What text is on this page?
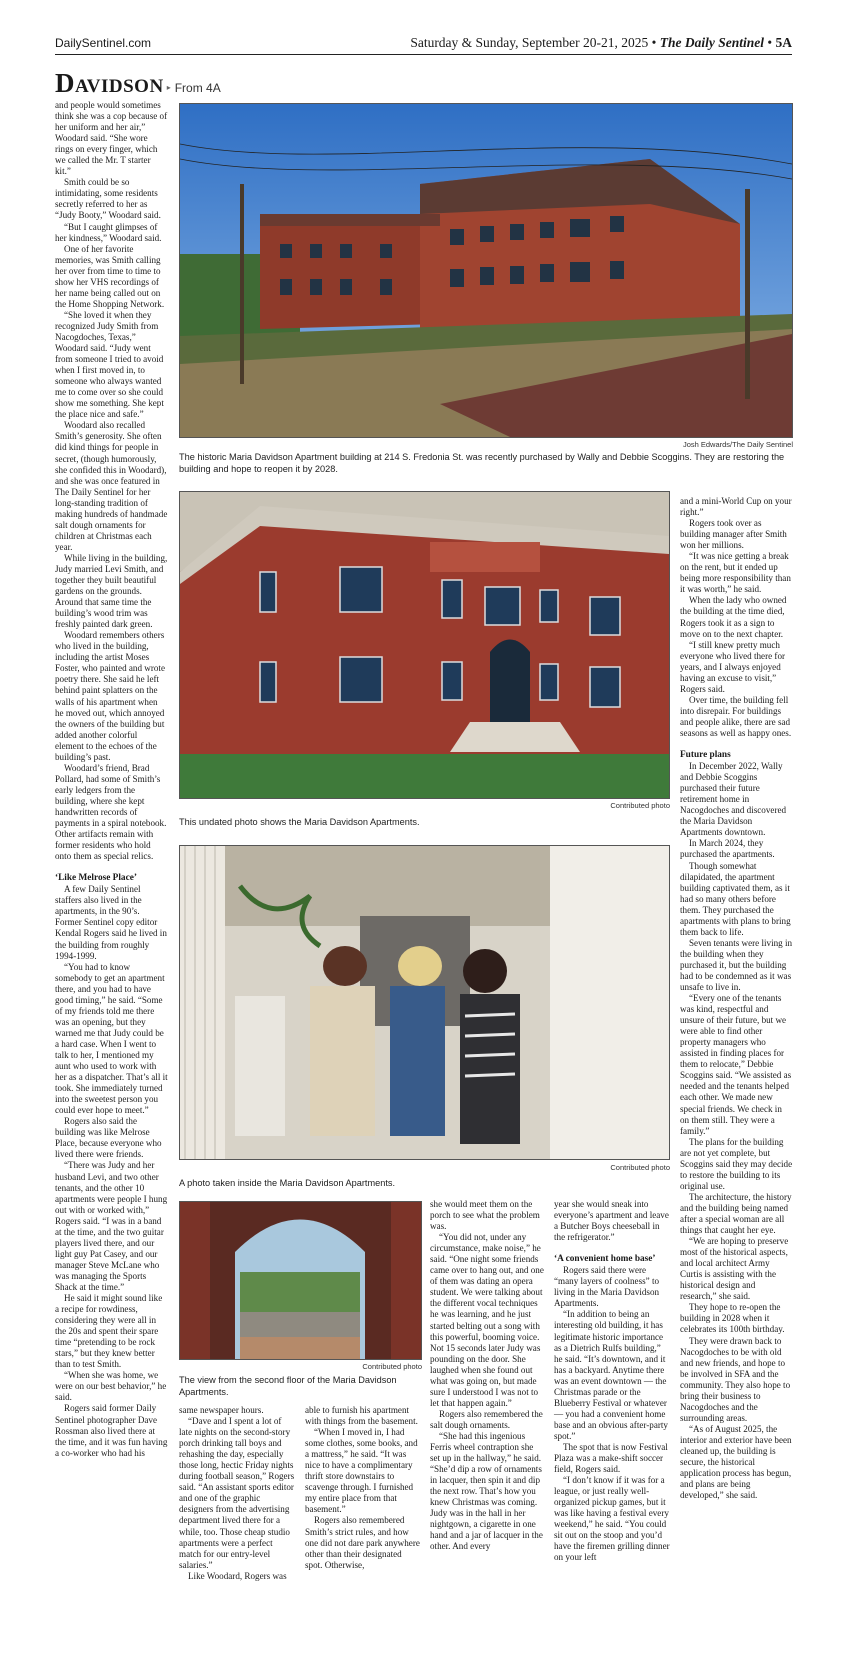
DailySentinel.com	Saturday & Sunday, September 20-21, 2025 • The Daily Sentinel • 5A
Davidson ▸ From 4A

and people would sometimes think she was a cop because of her uniform and her air,” Woodard said. “She wore rings on every finger, which we called the Mr. T starter kit.”

Smith could be so intimidating, some residents secretly referred to her as “Judy Booty,” Woodard said.

“But I caught glimpses of her kindness,” Woodard said.

One of her favorite memories, was Smith calling her over from time to time to show her VHS recordings of her name being called out on the Home Shopping Network.

“She loved it when they recognized Judy Smith from Nacogdoches, Texas,” Woodard said. “Judy went from someone I tried to avoid when I first moved in, to someone who always wanted me to come over so she could show me something. She kept the place nice and safe.”

Woodard also recalled Smith’s generosity. She often did kind things for people in secret, (though humorously, she confided this in Woodard), and she was once featured in The Daily Sentinel for her long-standing tradition of making hundreds of handmade salt dough ornaments for children at Christmas each year.

While living in the building, Judy married Levi Smith, and together they built beautiful gardens on the grounds. Around that same time the building’s wood trim was freshly painted dark green.

Woodard remembers others who lived in the building, including the artist Moses Foster, who painted and wrote poetry there. She said he left behind paint splatters on the walls of his apartment when he moved out, which annoyed the owners of the building but added another colorful element to the echoes of the building’s past.

Woodard’s friend, Brad Pollard, had some of Smith’s early ledgers from the building, where she kept handwritten records of payments in a spiral notebook. Other artifacts remain with former residents who hold onto them as special relics.

‘Like Melrose Place’

A few Daily Sentinel staffers also lived in the apartments, in the 90’s. Former Sentinel copy editor Kendal Rogers said he lived in the building from roughly 1994-1999.

“You had to know somebody to get an apartment there, and you had to have good timing,” he said. “Some of my friends told me there was an opening, but they warned me that Judy could be a hard case. When I went to talk to her, I mentioned my aunt who used to work with her as a dispatcher. That’s all it took. She immediately turned into the sweetest person you could ever hope to meet.”

Rogers also said the building was like Melrose Place, because everyone who lived there were friends.

“There was Judy and her husband Levi, and two other tenants, and the other 10 apartments were people I hung out with or worked with,” Rogers said. “I was in a band at the time, and the two guitar players lived there, and our light guy Pat Casey, and our manager Steve McLane who was managing the Sports Shack at the time.”

He said it might sound like a recipe for rowdiness, considering they were all in the 20s and spent their spare time “pretending to be rock stars,” but they knew better than to test Smith.

“When she was home, we were on our best behavior,” he said.

Rogers said former Daily Sentinel photographer Dave Rossman also lived there at the time, and it was fun having a co-worker who had his

Josh Edwards/The Daily Sentinel
The historic Maria Davidson Apartment building at 214 S. Fredonia St. was recently purchased by Wally and Debbie Scoggins. They are restoring the building and hope to reopen it by 2028.
Contributed photo
This undated photo shows the Maria Davidson Apartments.
Contributed photo
A photo taken inside the Maria Davidson Apartments.
Contributed photo
The view from the second floor of the Maria Davidson Apartments.

same newspaper hours.

“Dave and I spent a lot of late nights on the second-story porch drinking tall boys and rehashing the day, especially those long, hectic Friday nights during football season,” Rogers said. “An assistant sports editor and one of the graphic designers from the advertising department lived there for a while, too. Those cheap studio apartments were a perfect match for our entry-level salaries.”

Like Woodard, Rogers was

able to furnish his apartment with things from the basement.

“When I moved in, I had some clothes, some books, and a mattress,” he said. “It was nice to have a complimentary thrift store downstairs to scavenge through. I furnished my entire place from that basement.”

Rogers also remembered Smith’s strict rules, and how one did not dare park anywhere other than their designated spot. Otherwise,

she would meet them on the porch to see what the problem was.

“You did not, under any circumstance, make noise,” he said. “One night some friends came over to hang out, and one of them was dating an opera student. We were talking about the different vocal techniques he was learning, and he just started belting out a song with this powerful, booming voice. Not 15 seconds later Judy was pounding on the door. She laughed when she found out what was going on, but made sure I understood I was not to let that happen again.”

Rogers also remembered the salt dough ornaments.

“She had this ingenious Ferris wheel contraption she set up in the hallway,” he said. “She’d dip a row of ornaments in lacquer, then spin it and dip the next row. That’s how you knew Christmas was coming. Judy was in the hall in her nightgown, a cigarette in one hand and a jar of lacquer in the other. And every

year she would sneak into everyone’s apartment and leave a Butcher Boys cheeseball in the refrigerator.”

‘A convenient home base’

Rogers said there were “many layers of coolness” to living in the Maria Davidson Apartments.

“In addition to being an interesting old building, it has legitimate historic importance as a Dietrich Rulfs building,” he said. “It’s downtown, and it has a backyard. Anytime there was an event downtown — the Christmas parade or the Blueberry Festival or whatever — you had a convenient home base and an obvious after-party spot.”

The spot that is now Festival Plaza was a make-shift soccer field, Rogers said.

“I don’t know if it was for a league, or just really well-organized pickup games, but it was like having a festival every weekend,” he said. “You could sit out on the stoop and you’d have the firemen grilling dinner on your left

and a mini-World Cup on your right.”

Rogers took over as building manager after Smith won her millions.

“It was nice getting a break on the rent, but it ended up being more responsibility than it was worth,” he said.

When the lady who owned the building at the time died, Rogers took it as a sign to move on to the next chapter.

“I still knew pretty much everyone who lived there for years, and I always enjoyed having an excuse to visit,” Rogers said.

Over time, the building fell into disrepair. For buildings and people alike, there are sad seasons as well as happy ones.

Future plans

In December 2022, Wally and Debbie Scoggins purchased their future retirement home in Nacogdoches and discovered the Maria Davidson Apartments downtown.

In March 2024, they purchased the apartments.

Though somewhat dilapidated, the apartment building captivated them, as it had so many others before them. They purchased the apartments with plans to bring them back to life.

Seven tenants were living in the building when they purchased it, but the building had to be condemned as it was unsafe to live in.

“Every one of the tenants was kind, respectful and unsure of their future, but we were able to find other property managers who assisted in finding places for them to relocate,” Debbie Scoggins said. “We assisted as needed and the tenants helped each other. We made new special friends. We check in on them still. They were a family.”

The plans for the building are not yet complete, but Scoggins said they may decide to restore the building to its original use.

The architecture, the history and the building being named after a special woman are all things that caught her eye.

“We are hoping to preserve most of the historical aspects, and local architect Army Curtis is assisting with the historical design and research,” she said.

They hope to re-open the building in 2028 when it celebrates its 100th birthday.

They were drawn back to Nacogdoches to be with old and new friends, and hope to be involved in SFA and the community. They also hope to bring their business to Nacogdoches and the surrounding areas.

“As of August 2025, the interior and exterior have been cleaned up, the building is secure, the historical application process has begun, and plans are being developed,” she said.
